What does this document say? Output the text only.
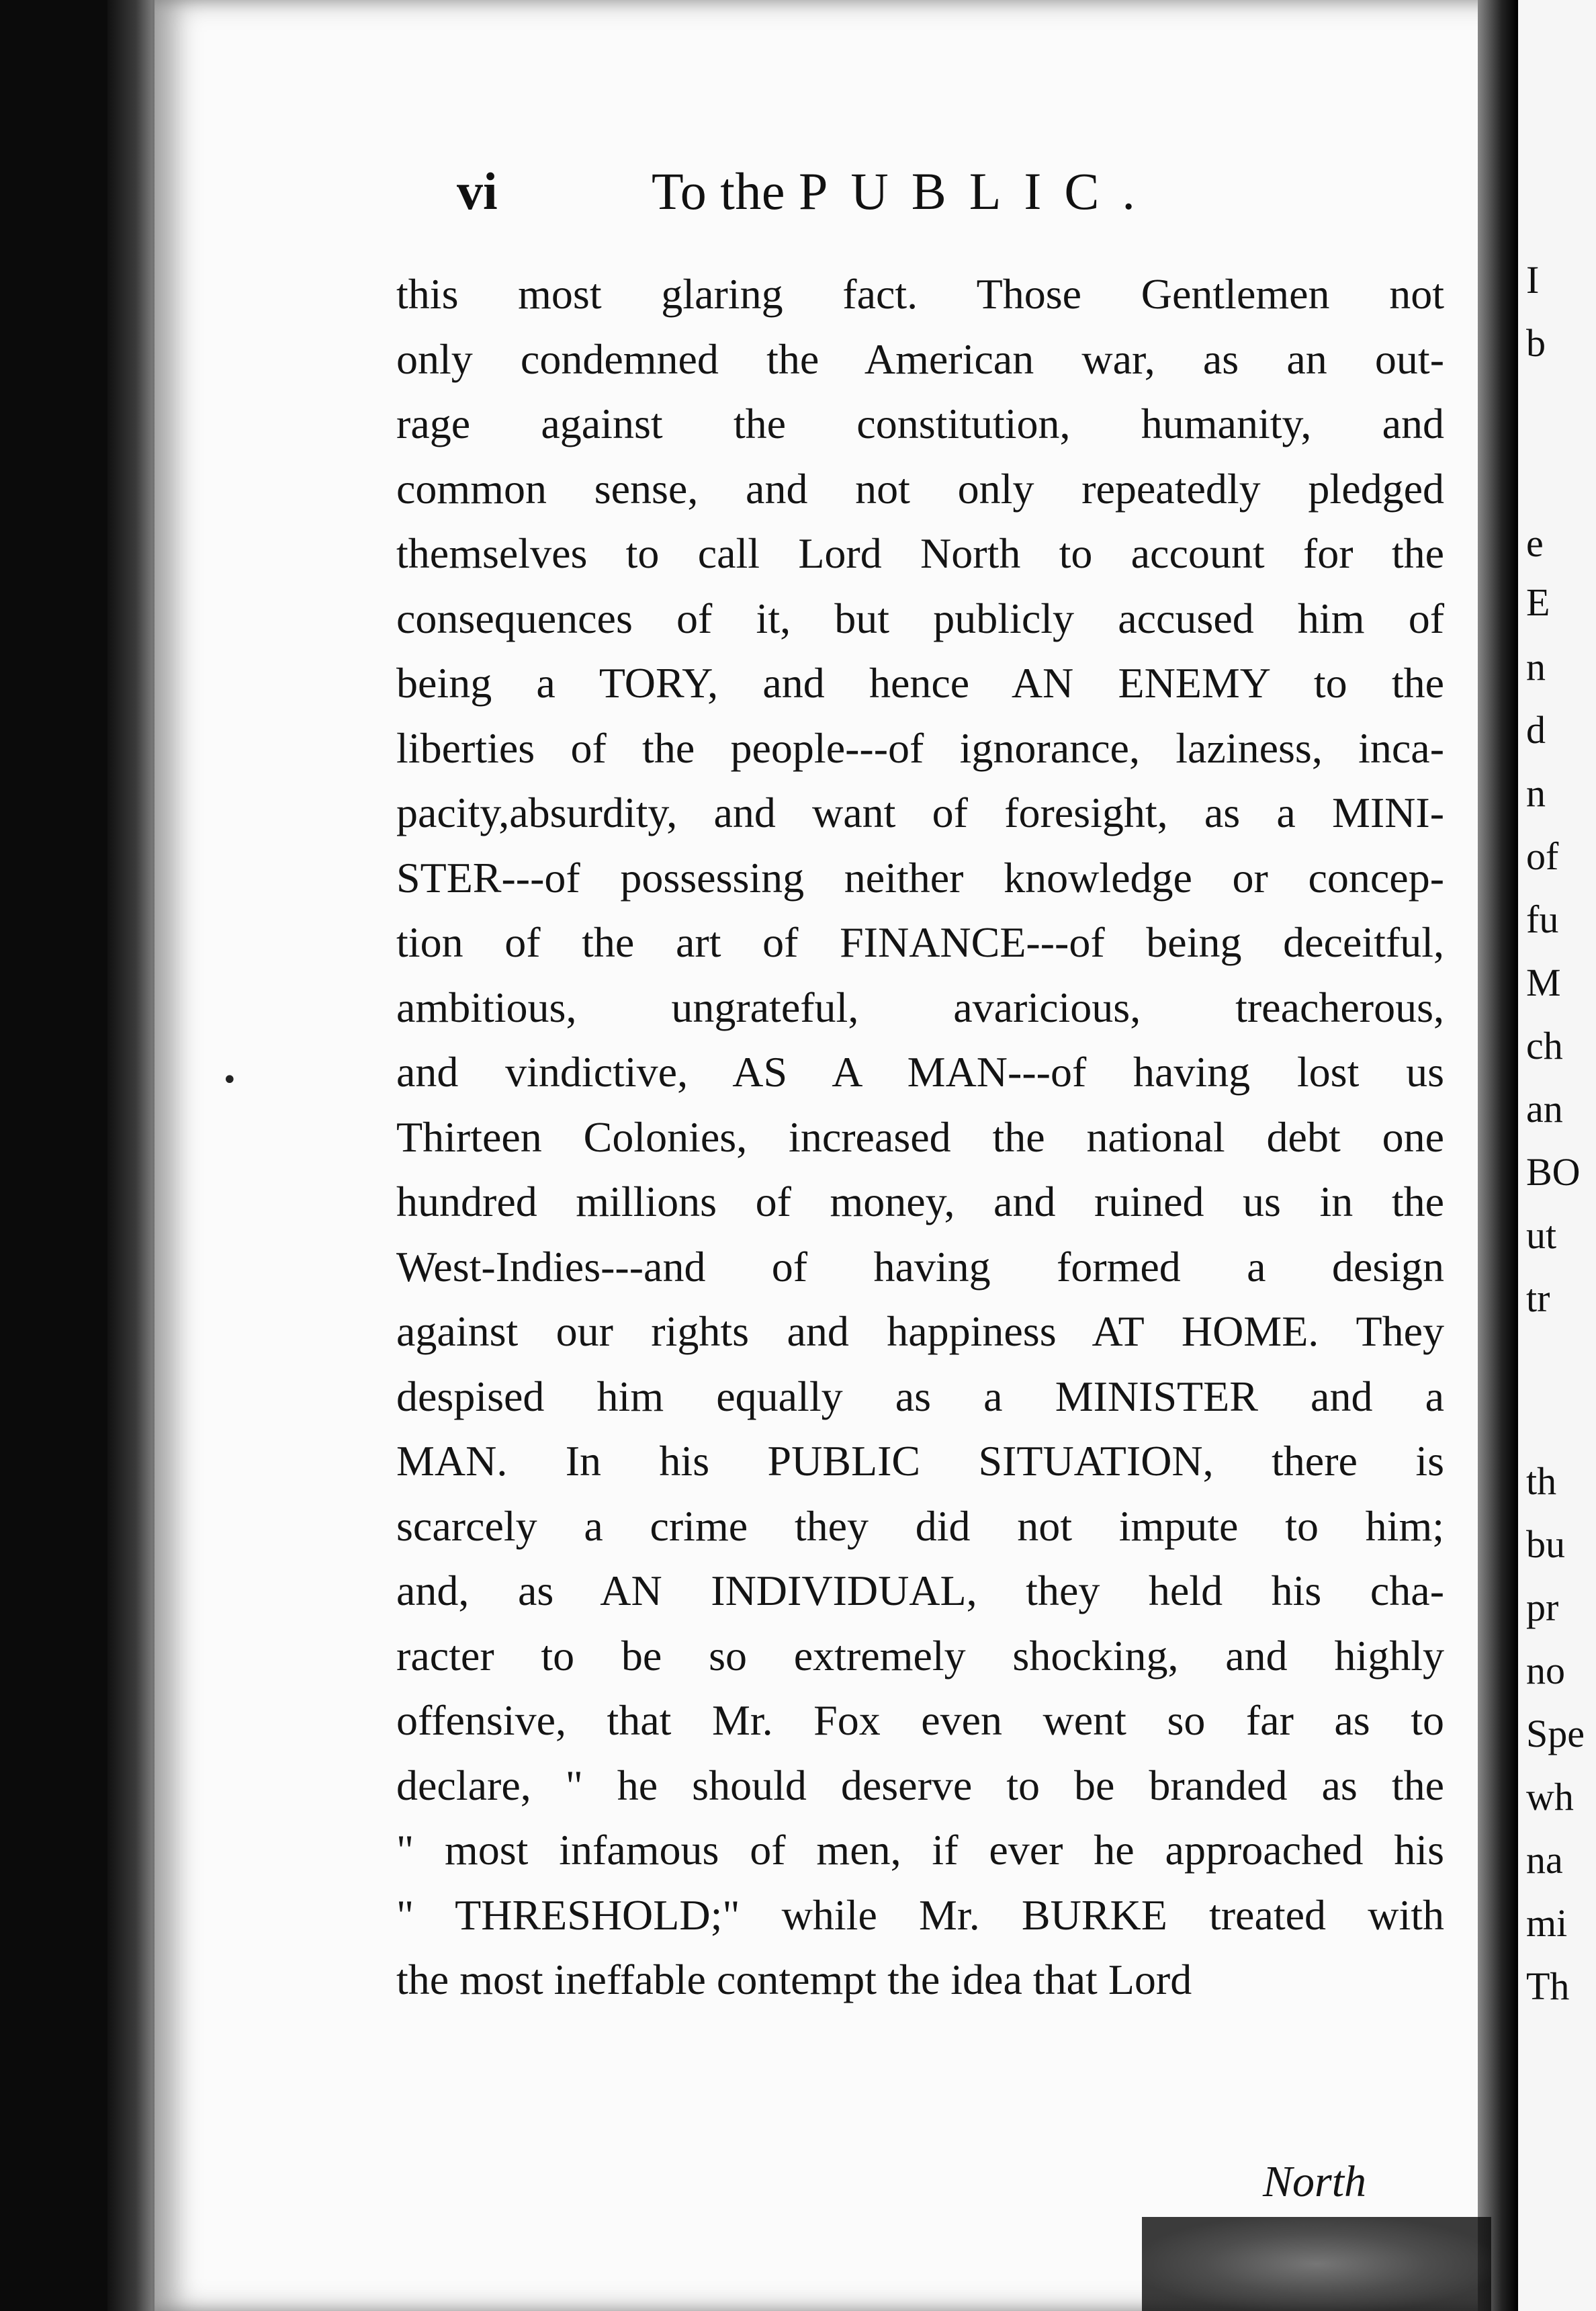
I
b
e
E
n
d
n
of
fu
M
ch
an
BO
ut
tr
th
bu
pr
no
Spe
wh
na
mi
Th
vi	To the PUBLIC.
•
this most glaring fact. Those Gentlemen not
only condemned the American war, as an out-
rage against the constitution, humanity, and
common sense, and not only repeatedly pledged
themselves to call Lord North to account for the
consequences of it, but publicly accused him of
being a TORY, and hence AN ENEMY to the
liberties of the people---of ignorance, laziness, inca-
pacity,absurdity, and want of foresight, as a MINI-
STER---of possessing neither knowledge or concep-
tion of the art of FINANCE---of being deceitful,
ambitious, ungrateful, avaricious, treacherous,
and vindictive, AS A MAN---of having lost us
Thirteen Colonies, increased the national debt one
hundred millions of money, and ruined us in the
West-Indies---and of having formed a design
against our rights and happiness AT HOME. They
despised him equally as a MINISTER and a
MAN. In his PUBLIC SITUATION, there is
scarcely a crime they did not impute to him;
and, as AN INDIVIDUAL, they held his cha-
racter to be so extremely shocking, and highly
offensive, that Mr. Fox even went so far as to
declare, " he should deserve to be branded as the
" most infamous of men, if ever he approached his
" THRESHOLD;" while Mr. BURKE treated with
the most ineffable contempt the idea that Lord
North
